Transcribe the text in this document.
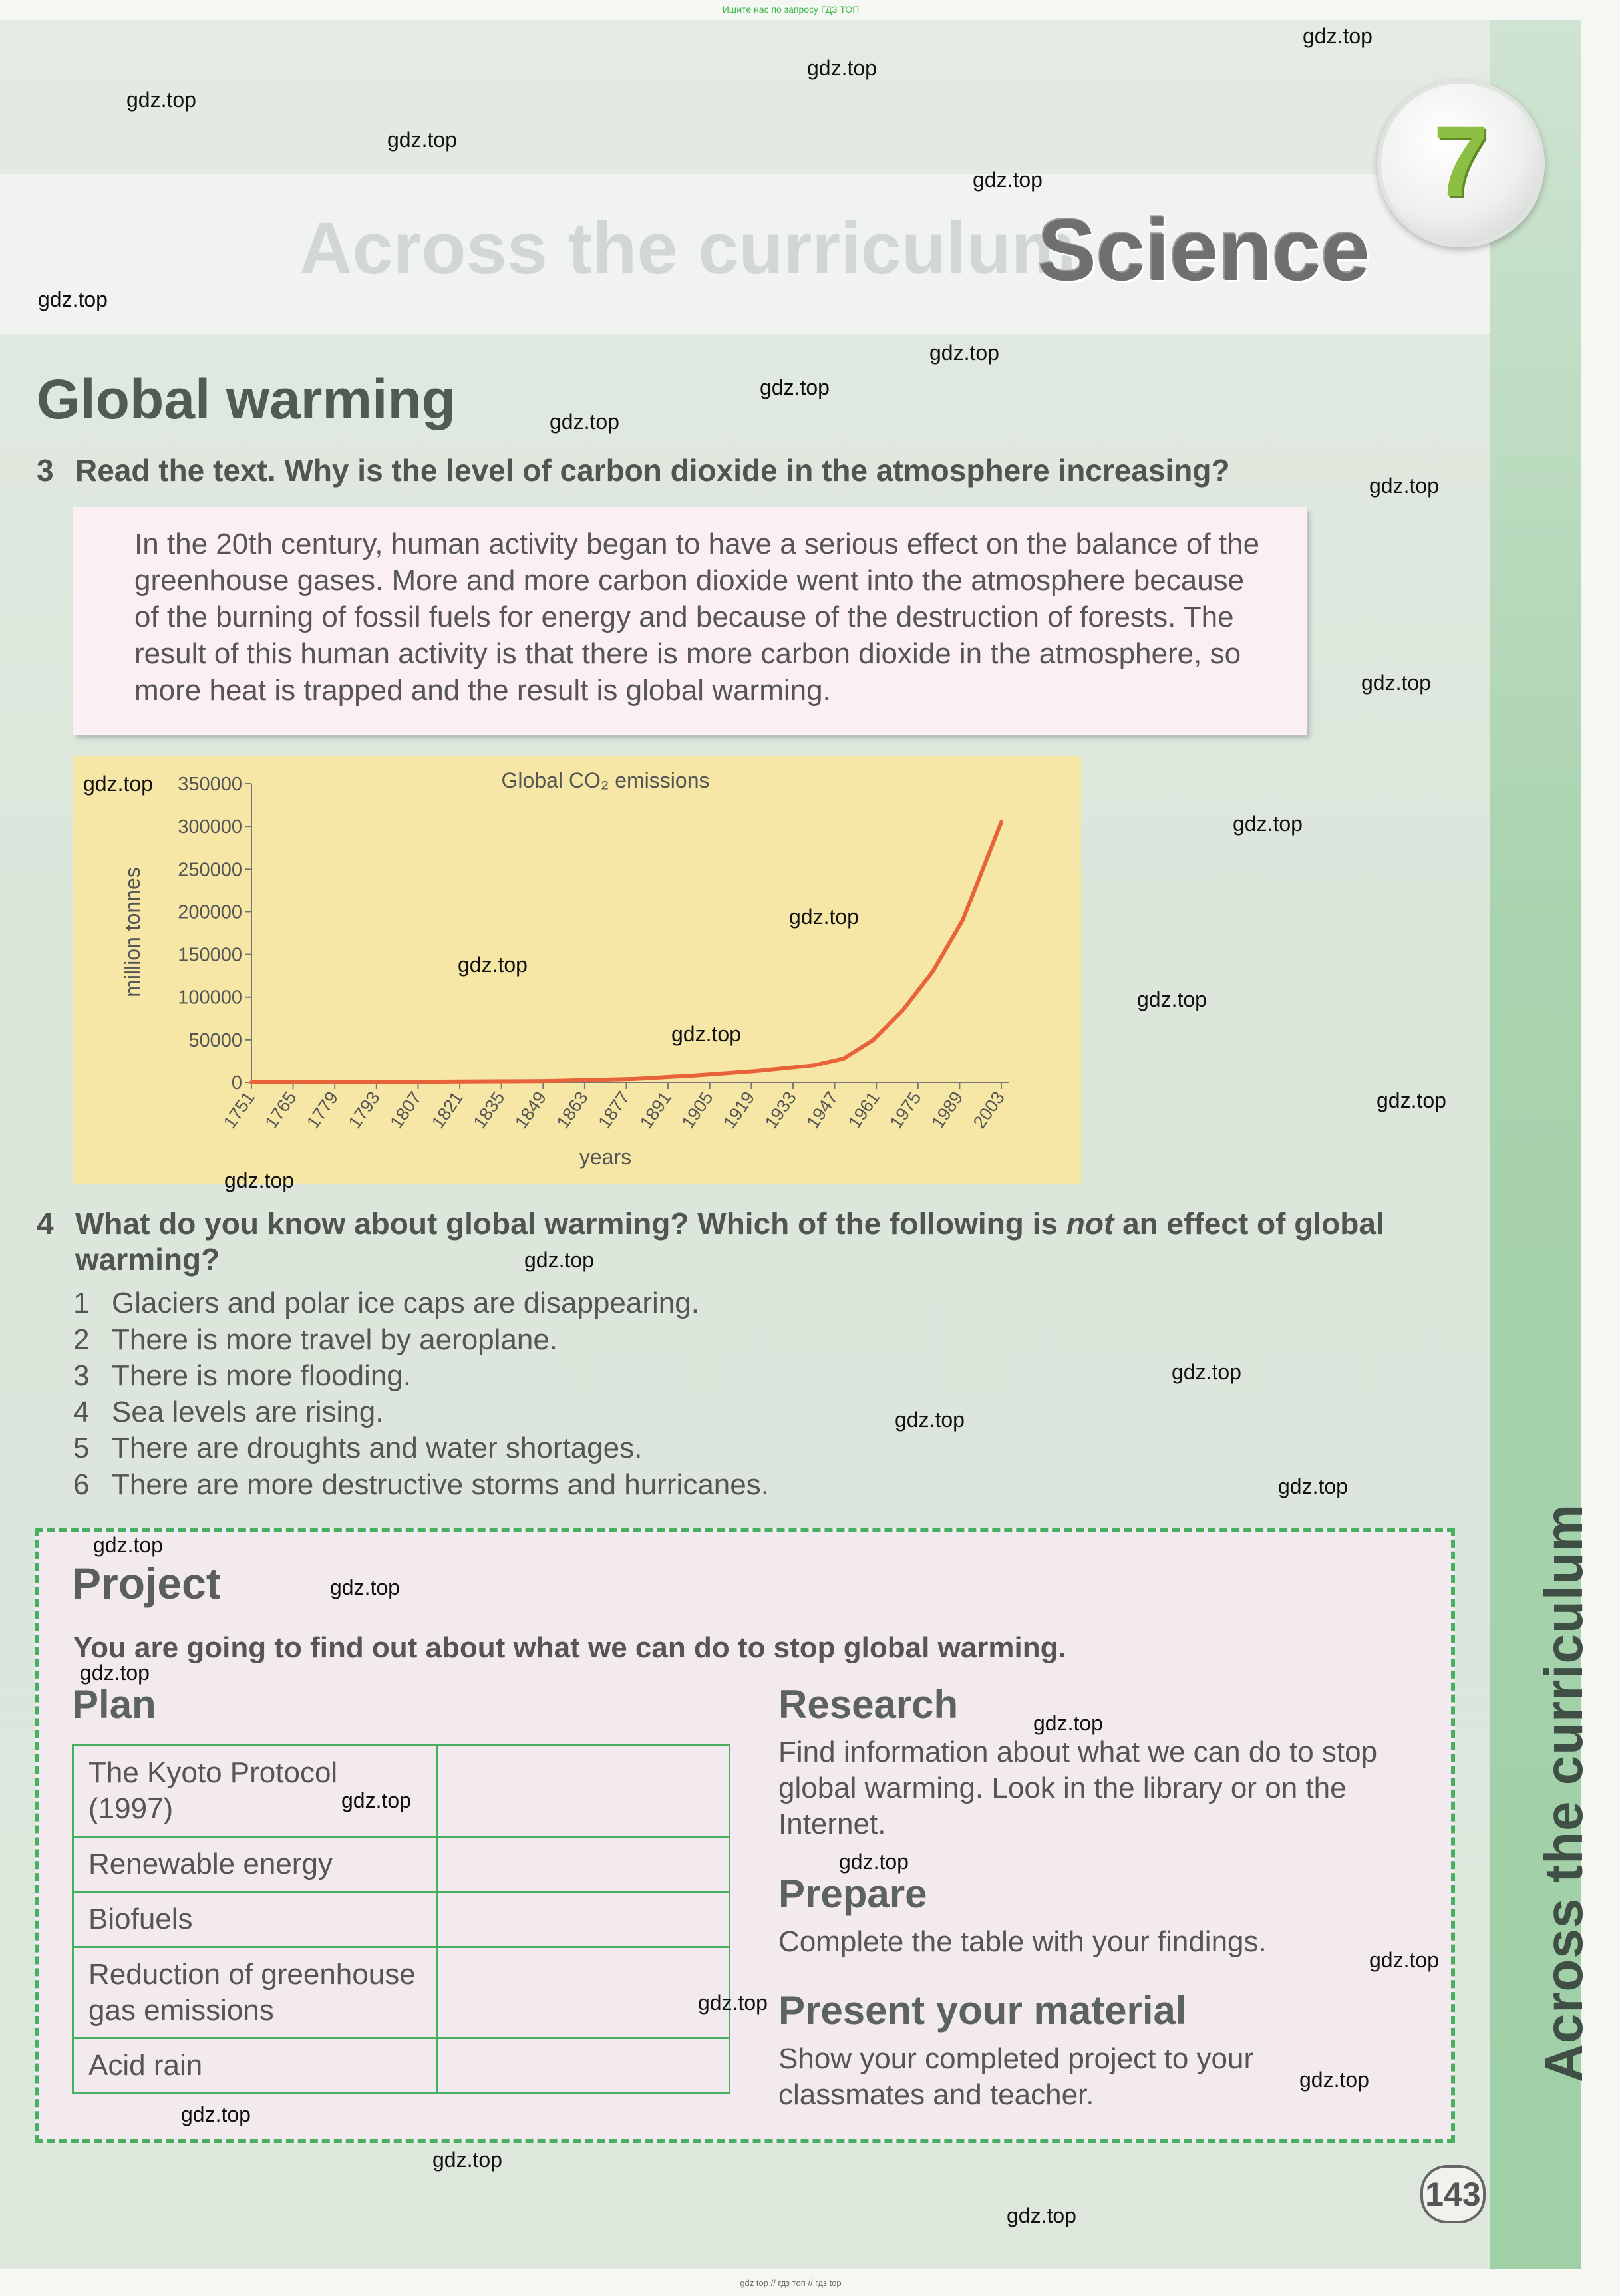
Ищите нас по запросу ГДЗ ТОП
Across the curriculum
Science
7
Across the curriculum
Global warming
3 Read the text. Why is the level of carbon dioxide in the atmosphere increasing?

In the 20th century, human activity began to have a serious effect on the balance of the greenhouse gases. More and more carbon dioxide went into the atmosphere because of the burning of fossil fuels for energy and because of the destruction of forests. The result of this human activity is that there is more carbon dioxide in the atmosphere, so more heat is trapped and the result is global warming.

0
50000
100000
150000
200000
250000
300000
350000
1751 1765 1779 1793 1807 1821 1835 1849 1863 1877 1891 1905 1919 1933 1947 1961 1975 1989 2003
Global CO₂ emissions
years
million tonnes
4 What do you know about global warming? Which of the following is not an effect of global
warming?
1 Glaciers and polar ice caps are disappearing.
2 There is more travel by aeroplane.
3 There is more flooding.
4 Sea levels are rising.
5 There are droughts and water shortages.
6 There are more destructive storms and hurricanes.
Project
You are going to find out about what we can do to stop global warming.
Plan
The Kyoto Protocol (1997)	
Renewable energy	
Biofuels	
Reduction of greenhouse gas emissions	
Acid rain	
Research
Find information about what we can do to stop global warming. Look in the library or on the Internet.
Prepare
Complete the table with your findings.
Present your material
Show your completed project to your classmates and teacher.
143
gdz top // гдз топ // гдз top
gdz.top
gdz.top
gdz.top
gdz.top
gdz.top
gdz.top
gdz.top
gdz.top
gdz.top
gdz.top
gdz.top
gdz.top
gdz.top
gdz.top
gdz.top
gdz.top
gdz.top
gdz.top
gdz.top
gdz.top
gdz.top
gdz.top
gdz.top
gdz.top
gdz.top
gdz.top
gdz.top
gdz.top
gdz.top
gdz.top
gdz.top
gdz.top
gdz.top
gdz.top
gdz.top
